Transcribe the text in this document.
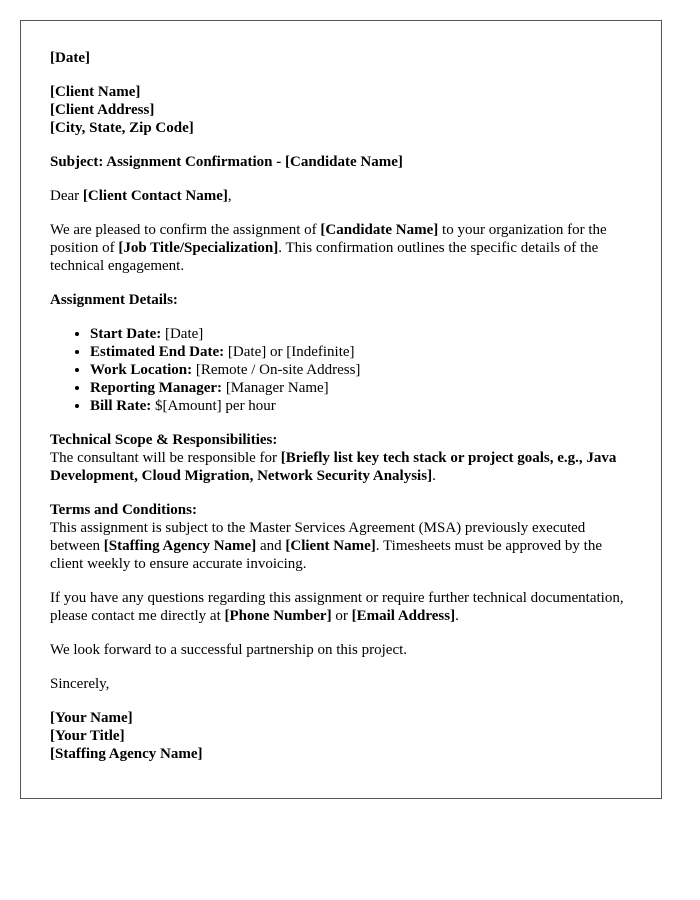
[Date]

[Client Name]
[Client Address]
[City, State, Zip Code]

Subject: Assignment Confirmation - [Candidate Name]

Dear [Client Contact Name],

We are pleased to confirm the assignment of [Candidate Name] to your organization for the position of [Job Title/Specialization]. This confirmation outlines the specific details of the technical engagement.

Assignment Details:

• Start Date: [Date]
• Estimated End Date: [Date] or [Indefinite]
• Work Location: [Remote / On-site Address]
• Reporting Manager: [Manager Name]
• Bill Rate: $[Amount] per hour

Technical Scope & Responsibilities:
The consultant will be responsible for [Briefly list key tech stack or project goals, e.g., Java Development, Cloud Migration, Network Security Analysis].

Terms and Conditions:
This assignment is subject to the Master Services Agreement (MSA) previously executed between [Staffing Agency Name] and [Client Name]. Timesheets must be approved by the client weekly to ensure accurate invoicing.

If you have any questions regarding this assignment or require further technical documentation, please contact me directly at [Phone Number] or [Email Address].

We look forward to a successful partnership on this project.

Sincerely,

[Your Name]
[Your Title]
[Staffing Agency Name]
